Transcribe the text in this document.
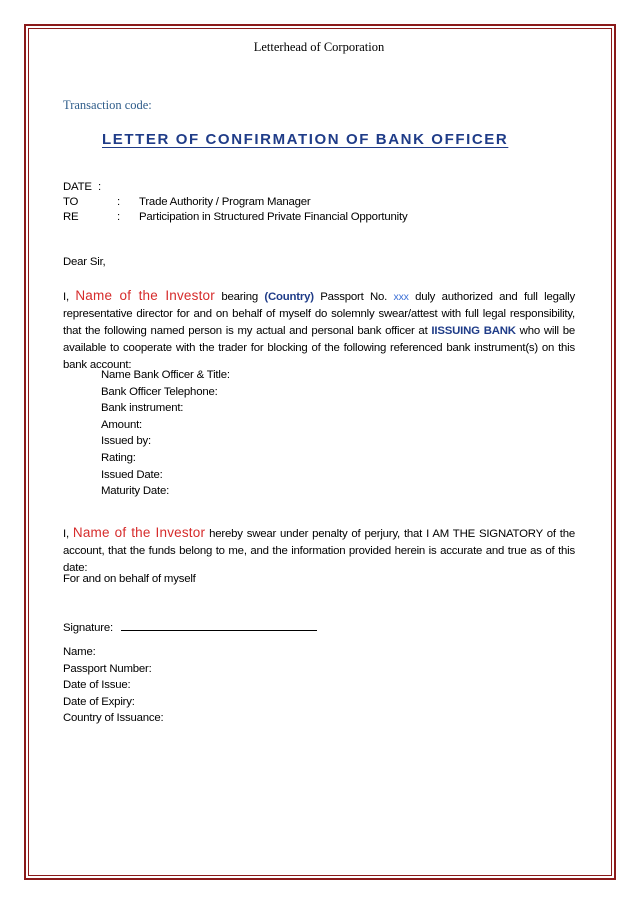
Letterhead of Corporation
Transaction code:
LETTER OF CONFIRMATION OF BANK OFFICER
DATE :
TO	: Trade Authority / Program Manager
RE	: Participation in Structured Private Financial Opportunity
Dear Sir,
I, Name of the Investor bearing (Country) Passport No. xxx duly authorized and full legally representative director for and on behalf of myself do solemnly swear/attest with full legal responsibility, that the following named person is my actual and personal bank officer at IISSUING BANK who will be available to cooperate with the trader for blocking of the following referenced bank instrument(s) on this bank account:
Name Bank Officer & Title:
Bank Officer Telephone:
Bank instrument:
Amount:
Issued by:
Rating:
Issued Date:
Maturity Date:
I, Name of the Investor hereby swear under penalty of perjury, that I AM THE SIGNATORY of the account, that the funds belong to me, and the information provided herein is accurate and true as of this date:
For and on behalf of myself
Signature:
Name:
Passport Number:
Date of Issue:
Date of Expiry:
Country of Issuance:
